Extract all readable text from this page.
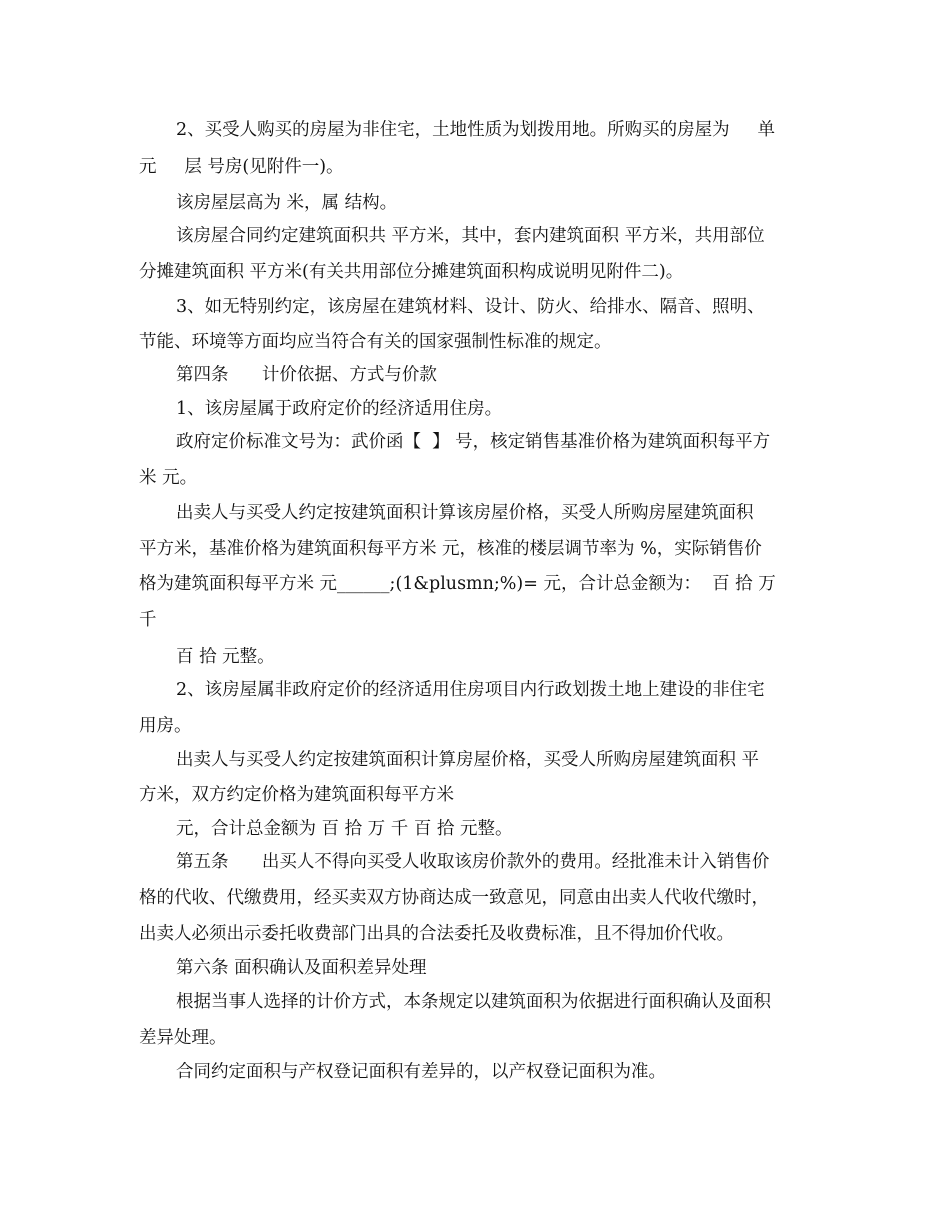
2、买受人购买的房屋为非住宅，土地性质为划拨用地。所购买的房屋为     单

元     层 号房(见附件一)。

该房屋层高为 米，属 结构。

该房屋合同约定建筑面积共 平方米，其中，套内建筑面积 平方米，共用部位

分摊建筑面积 平方米(有关共用部位分摊建筑面积构成说明见附件二)。

3、如无特别约定，该房屋在建筑材料、设计、防火、给排水、隔音、照明、

节能、环境等方面均应当符合有关的国家强制性标准的规定。

第四条      计价依据、方式与价款

1、该房屋属于政府定价的经济适用住房。

政府定价标准文号为：武价函【  】 号，核定销售基准价格为建筑面积每平方

米 元。

出卖人与买受人约定按建筑面积计算该房屋价格，买受人所购房屋建筑面积

平方米，基准价格为建筑面积每平方米 元，核准的楼层调节率为 %，实际销售价

格为建筑面积每平方米 元______;(1&plusmn;%)= 元，合计总金额为：  百 拾 万

千

百 拾 元整。

2、该房屋属非政府定价的经济适用住房项目内行政划拨土地上建设的非住宅

用房。

出卖人与买受人约定按建筑面积计算房屋价格，买受人所购房屋建筑面积 平

方米，双方约定价格为建筑面积每平方米

元，合计总金额为 百 拾 万 千 百 拾 元整。

第五条      出买人不得向买受人收取该房价款外的费用。经批准未计入销售价

格的代收、代缴费用，经买卖双方协商达成一致意见，同意由出卖人代收代缴时，

出卖人必须出示委托收费部门出具的合法委托及收费标准，且不得加价代收。

第六条 面积确认及面积差异处理

根据当事人选择的计价方式，本条规定以建筑面积为依据进行面积确认及面积

差异处理。

合同约定面积与产权登记面积有差异的，以产权登记面积为准。
